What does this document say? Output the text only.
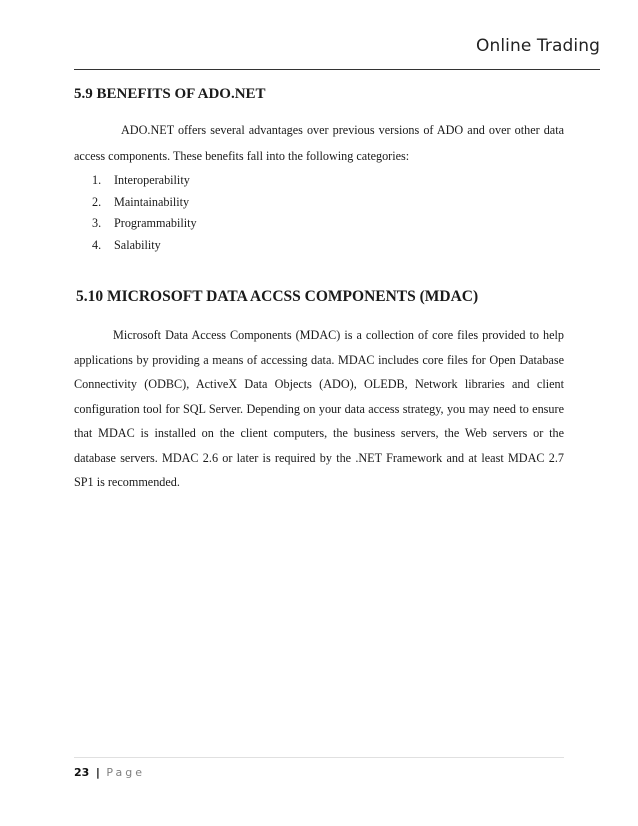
Online Trading
5.9 BENEFITS OF ADO.NET

ADO.NET offers several advantages over previous versions of ADO and over other data access components. These benefits fall into the following categories:

1. Interoperability
2. Maintainability
3. Programmability
4. Salability
5.10 MICROSOFT DATA ACCSS COMPONENTS (MDAC)

Microsoft Data Access Components (MDAC) is a collection of core files provided to help applications by providing a means of accessing data. MDAC includes core files for Open Database Connectivity (ODBC), ActiveX Data Objects (ADO), OLEDB, Network libraries and client configuration tool for SQL Server. Depending on your data access strategy, you may need to ensure that MDAC is installed on the client computers, the business servers, the Web servers or the database servers. MDAC 2.6 or later is required by the .NET Framework and at least MDAC 2.7 SP1 is recommended.

23 | Page
